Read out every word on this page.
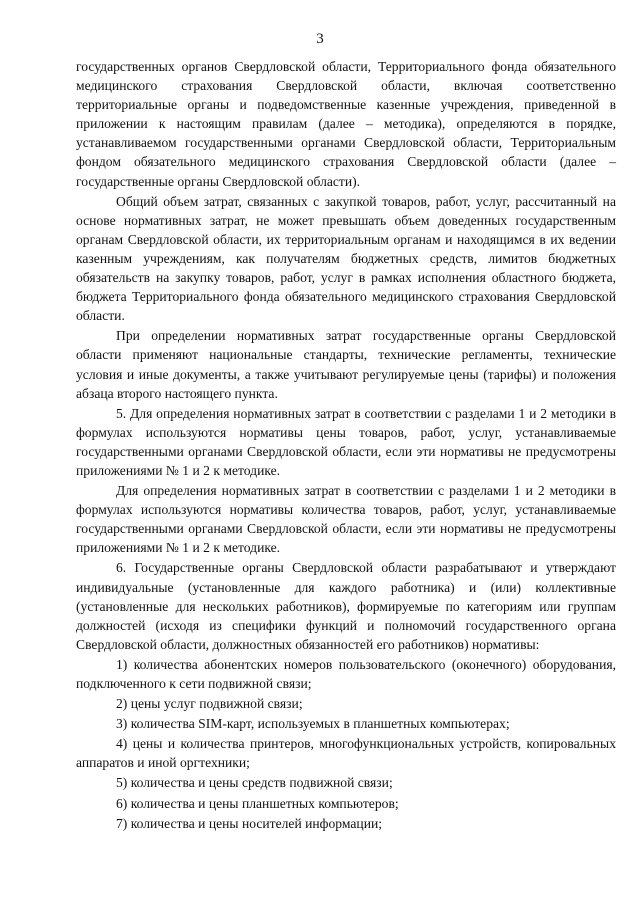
3

государственных органов Свердловской области, Территориального фонда обязательного медицинского страхования Свердловской области, включая соответственно территориальные органы и подведомственные казенные учреждения, приведенной в приложении к настоящим правилам (далее – методика), определяются в порядке, устанавливаемом государственными органами Свердловской области, Территориальным фондом обязательного медицинского страхования Свердловской области (далее – государственные органы Свердловской области).

Общий объем затрат, связанных с закупкой товаров, работ, услуг, рассчитанный на основе нормативных затрат, не может превышать объем доведенных государственным органам Свердловской области, их территориальным органам и находящимся в их ведении казенным учреждениям, как получателям бюджетных средств, лимитов бюджетных обязательств на закупку товаров, работ, услуг в рамках исполнения областного бюджета, бюджета Территориального фонда обязательного медицинского страхования Свердловской области.

При определении нормативных затрат государственные органы Свердловской области применяют национальные стандарты, технические регламенты, технические условия и иные документы, а также учитывают регулируемые цены (тарифы) и положения абзаца второго настоящего пункта.

5. Для определения нормативных затрат в соответствии с разделами 1 и 2 методики в формулах используются нормативы цены товаров, работ, услуг, устанавливаемые государственными органами Свердловской области, если эти нормативы не предусмотрены приложениями № 1 и 2 к методике.

Для определения нормативных затрат в соответствии с разделами 1 и 2 методики в формулах используются нормативы количества товаров, работ, услуг, устанавливаемые государственными органами Свердловской области, если эти нормативы не предусмотрены приложениями № 1 и 2 к методике.

6. Государственные органы Свердловской области разрабатывают и утверждают индивидуальные (установленные для каждого работника) и (или) коллективные (установленные для нескольких работников), формируемые по категориям или группам должностей (исходя из специфики функций и полномочий государственного органа Свердловской области, должностных обязанностей его работников) нормативы:

1) количества абонентских номеров пользовательского (оконечного) оборудования, подключенного к сети подвижной связи;

2) цены услуг подвижной связи;

3) количества SIM-карт, используемых в планшетных компьютерах;

4) цены и количества принтеров, многофункциональных устройств, копировальных аппаратов и иной оргтехники;

5) количества и цены средств подвижной связи;

6) количества и цены планшетных компьютеров;

7) количества и цены носителей информации;
